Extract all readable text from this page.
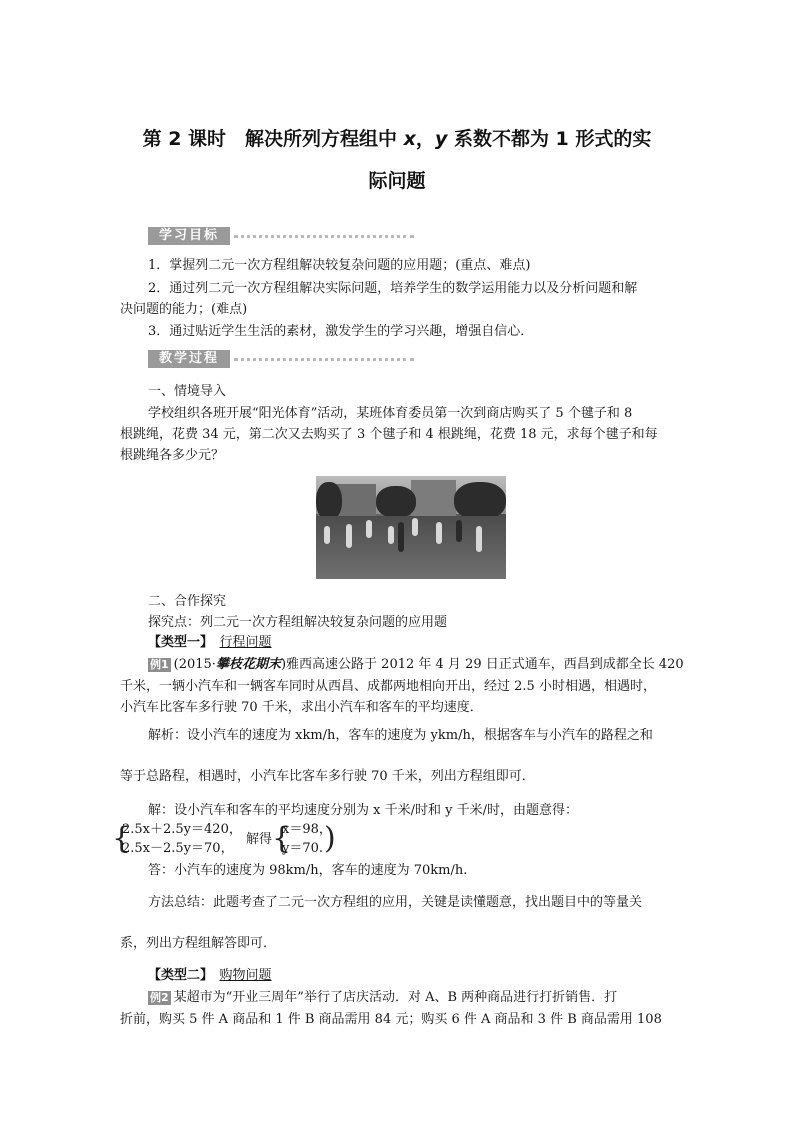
第 2 课时　解决所列方程组中 x，y 系数不都为 1 形式的实
际问题
学习目标
1．掌握列二元一次方程组解决较复杂问题的应用题；(重点、难点)
2．通过列二元一次方程组解决实际问题，培养学生的数学运用能力以及分析问题和解
决问题的能力；(难点)
3．通过贴近学生生活的素材，激发学生的学习兴趣，增强自信心．
教学过程
一、情境导入
学校组织各班开展“阳光体育”活动，某班体育委员第一次到商店购买了 5 个毽子和 8
根跳绳，花费 34 元，第二次又去购买了 3 个毽子和 4 根跳绳，花费 18 元，求每个毽子和每
根跳绳各多少元？
二、合作探究
探究点：列二元一次方程组解决较复杂问题的应用题
【类型一】　 行程问题
例1 (2015·攀枝花期末)雅西高速公路于 2012 年 4 月 29 日正式通车，西昌到成都全长 420
千米，一辆小汽车和一辆客车同时从西昌、成都两地相向开出，经过 2.5 小时相遇，相遇时，
小汽车比客车多行驶 70 千米，求出小汽车和客车的平均速度．
解析：设小汽车的速度为 xkm/h，客车的速度为 ykm/h，根据客车与小汽车的路程之和
等于总路程，相遇时，小汽车比客车多行驶 70 千米，列出方程组即可．
解：设小汽车和客车的平均速度分别为 x 千米/时和 y 千米/时，由题意得：
{
2.5x＋2.5y＝420，
2.5x－2.5y＝70，
解得 {
x＝98，
y＝70. )
答：小汽车的速度为 98km/h，客车的速度为 70km/h.
方法总结：此题考查了二元一次方程组的应用，关键是读懂题意，找出题目中的等量关
系，列出方程组解答即可．
【类型二】　 购物问题
例2 某超市为“开业三周年”举行了店庆活动．对 A、B 两种商品进行打折销售．打
折前，购买 5 件 A 商品和 1 件 B 商品需用 84 元；购买 6 件 A 商品和 3 件 B 商品需用 108
